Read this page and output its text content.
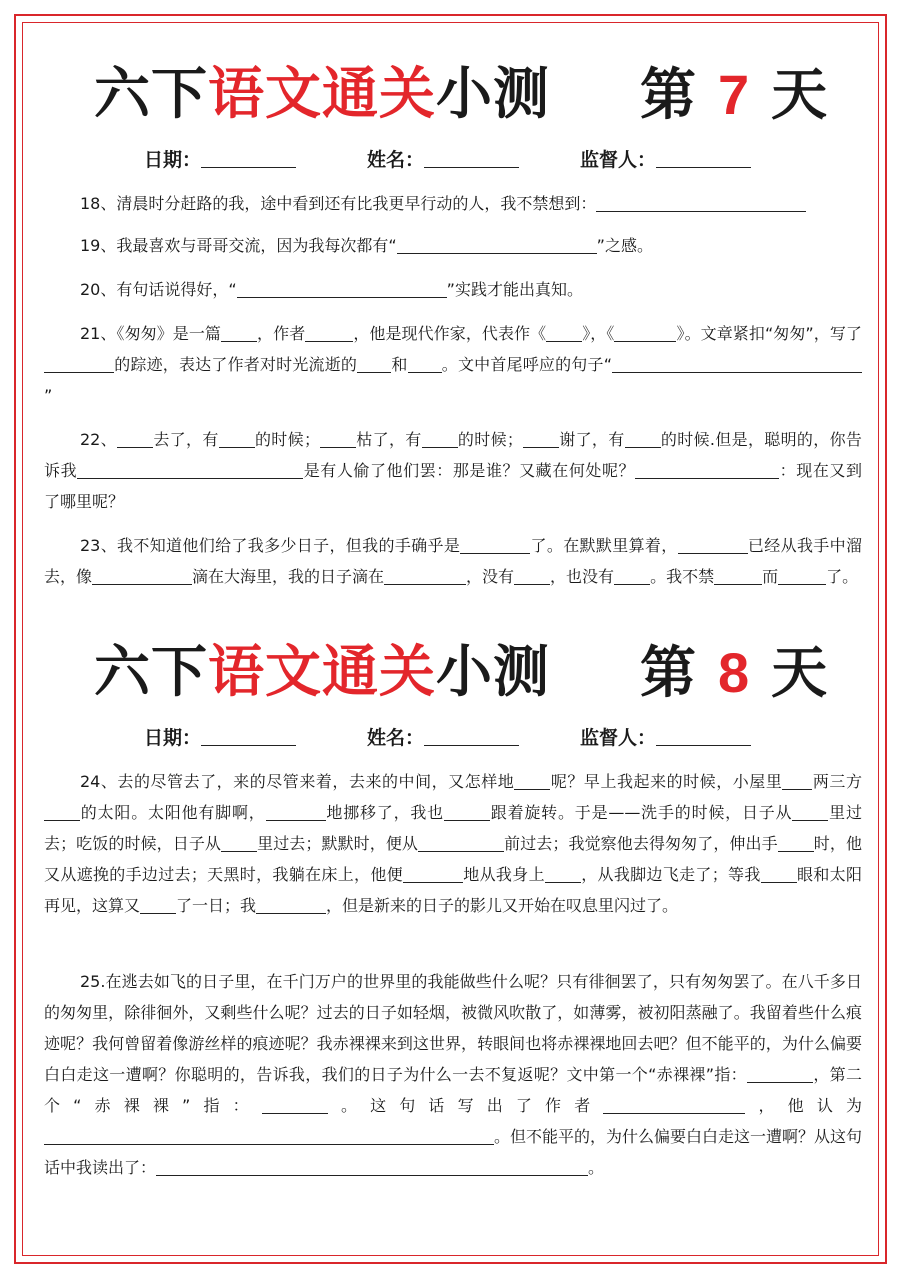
六下语文通关小测 第 7 天
日期：	姓名：	监督人：
18、清晨时分赶路的我，途中看到还有比我更早行动的人，我不禁想到：
19、我最喜欢与哥哥交流，因为我每次都有“	”之感。
20、有句话说得好，“	”实践才能出真知。
21、《匆匆》是一篇 ，作者	，他是现代作家，代表作《 》，《	》。文章紧扣“匆匆”，写了的踪迹，表达了作者对时光流逝的 和 。文中首尾呼应的句子“”
22、 去了，有 的时候； 枯了，有 的时候； 谢了，有 的时候.但是，聪明的，你告诉我	是有人偷了他们罢：那是谁？又藏在何处呢？	：现在又到了哪里呢？
23、我不知道他们给了我多少日子，但我的手确乎是	了。在默默里算着，	已经从我手中溜去，像	滴在大海里，我的日子滴在	，没有 ，也没有 。我不禁	而	了。
六下语文通关小测 第 8 天
日期：	姓名：	监督人：
24、去的尽管去了，来的尽管来着，去来的中间，又怎样地 呢？早上我起来的时候，小屋里 两三方的太阳。太阳他有脚啊，	地挪移了，我也	跟着旋转。于是——洗手的时候，日子从 里过去；吃饭的时候，日子从 里过去；默默时，便从	前过去；我觉察他去得匆匆了，伸出手 时，他又从遮挽的手边过去；天黑时，我躺在床上，他便	地从我身上 ，从我脚边飞走了；等我 眼和太阳再见，这算又 了一日；我	，但是新来的日子的影儿又开始在叹息里闪过了。
25.在逃去如飞的日子里，在千门万户的世界里的我能做些什么呢？只有徘徊罢了，只有匆匆罢了。在八千多日的匆匆里，除徘徊外，又剩些什么呢？过去的日子如轻烟，被微风吹散了，如薄雾，被初阳蒸融了。我留着些什么痕迹呢？我何曾留着像游丝样的痕迹呢？我赤裸裸来到这世界，转眼间也将赤裸裸地回去吧？但不能平的，为什么偏要白白走这一遭啊？你聪明的，告诉我，我们的日子为什么一去不复返呢？文中第一个“赤裸裸”指：	，第二个“赤裸裸”指：	。这句话写出了作者	，他认为。但不能平的，为什么偏要白白走这一遭啊？从这句话中我读出了：	。
